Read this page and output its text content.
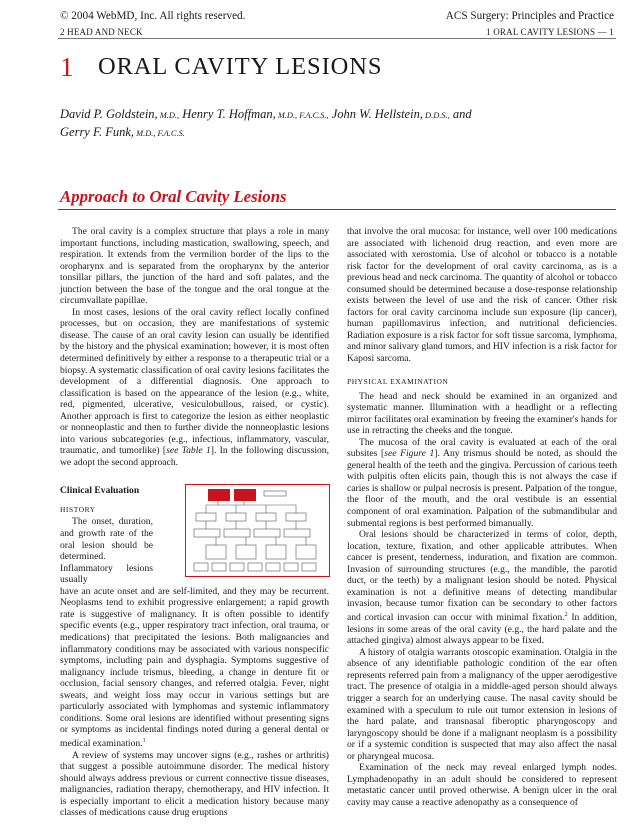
© 2004 WebMD, Inc. All rights reserved.
2 HEAD AND NECK
ACS Surgery: Principles and Practice
1 ORAL CAVITY LESIONS — 1
1 ORAL CAVITY LESIONS
David P. Goldstein, M.D., Henry T. Hoffman, M.D., F.A.C.S., John W. Hellstein, D.D.S., and
Gerry F. Funk, M.D., F.A.C.S.
Approach to Oral Cavity Lesions

The oral cavity is a complex structure that plays a role in many important functions, including mastication, swallowing, speech, and respiration. It extends from the vermilion border of the lips to the oropharynx and is separated from the oropharynx by the anterior tonsillar pillars, the junction of the hard and soft palates, and the junction between the base of the tongue and the oral tongue at the circumvallate papillae.

In most cases, lesions of the oral cavity reflect locally confined processes, but on occasion, they are manifestations of systemic disease. The cause of an oral cavity lesion can usually be identified by the history and the physical examination; however, it is most often determined definitively by either a response to a therapeutic trial or a biopsy. A systematic classification of oral cavity lesions facilitates the development of a differential diagnosis. One approach to classification is based on the appearance of the lesion (e.g., white, red, pigmented, ulcerative, vesiculobullous, raised, or cystic). Another approach is first to categorize the lesion as either neoplastic or nonneoplastic and then to further divide the nonneoplastic lesions into various subcategories (e.g., infectious, inflammatory, vascular, traumatic, and tumorlike) [see Table 1]. In the following discussion, we adopt the second approach.

Clinical Evaluation
HISTORY

The onset, duration, and growth rate of the oral lesion should be determined. Inflammatory lesions usually

have an acute onset and are self-limited, and they may be recurrent. Neoplasms tend to exhibit progressive enlargement; a rapid growth rate is suggestive of malignancy. It is often possible to identify specific events (e.g., upper respiratory tract infection, oral trauma, or medications) that precipitated the lesions. Both malignancies and inflammatory conditions may be associated with various nonspecific symptoms, including pain and dysphagia. Symptoms suggestive of malignancy include trismus, bleeding, a change in denture fit or occlusion, facial sensory changes, and referred otalgia. Fever, night sweats, and weight loss may occur in various settings but are particularly associated with lymphomas and systemic inflammatory conditions. Some oral lesions are identified without presenting signs or symptoms as incidental findings noted during a general dental or medical examination.$^1$

A review of systems may uncover signs (e.g., rashes or arthritis) that suggest a possible autoimmune disorder. The medical history should always address previous or current connective tissue diseases, malignancies, radiation therapy, chemotherapy, and HIV infection. It is especially important to elicit a medication history because many classes of medications cause drug eruptions

that involve the oral mucosa: for instance, well over 100 medications are associated with lichenoid drug reaction, and even more are associated with xerostomia. Use of alcohol or tobacco is a notable risk factor for the development of oral cavity carcinoma, as is a previous head and neck carcinoma. The quantity of alcohol or tobacco consumed should be determined because a dose-response relationship exists between the level of use and the risk of cancer. Other risk factors for oral cavity carcinoma include sun exposure (lip cancer), human papillomavirus infection, and nutritional deficiencies. Radiation exposure is a risk factor for soft tissue sarcoma, lymphoma, and minor salivary gland tumors, and HIV infection is a risk factor for Kaposi sarcoma.

PHYSICAL EXAMINATION

The head and neck should be examined in an organized and systematic manner. Illumination with a headlight or a reflecting mirror facilitates oral examination by freeing the examiner's hands for use in retracting the cheeks and the tongue.

The mucosa of the oral cavity is evaluated at each of the oral subsites [see Figure 1]. Any trismus should be noted, as should the general health of the teeth and the gingiva. Percussion of carious teeth with pulpitis often elicits pain, though this is not always the case if caries is shallow or pulpal necrosis is present. Palpation of the tongue, the floor of the mouth, and the oral vestibule is an essential component of oral examination. Palpation of the submandibular and submental regions is best performed bimanually.

Oral lesions should be characterized in terms of color, depth, location, texture, fixation, and other applicable attributes. When cancer is present, tenderness, induration, and fixation are common. Invasion of surrounding structures (e.g., the mandible, the parotid duct, or the teeth) by a malignant lesion should be noted. Physical examination is not a definitive means of detecting mandibular invasion, because tumor fixation can be secondary to other factors and cortical invasion can occur with minimal fixation.$^2$ In addition, lesions in some areas of the oral cavity (e.g., the hard palate and the attached gingiva) almost always appear to be fixed.

A history of otalgia warrants otoscopic examination. Otalgia in the absence of any identifiable pathologic condition of the ear often represents referred pain from a malignancy of the upper aerodigestive tract. The presence of otalgia in a middle-aged person should always trigger a search for an underlying cause. The nasal cavity should be examined with a speculum to rule out tumor extension in lesions of the hard palate, and transnasal fiberoptic pharyngoscopy and laryngoscopy should be done if a malignant neoplasm is a possibility or if a systemic condition is suspected that may also affect the nasal or pharyngeal mucosa.

Examination of the neck may reveal enlarged lymph nodes. Lymphadenopathy in an adult should be considered to represent metastatic cancer until proved otherwise. A benign ulcer in the oral cavity may cause a reactive adenopathy as a consequence of
